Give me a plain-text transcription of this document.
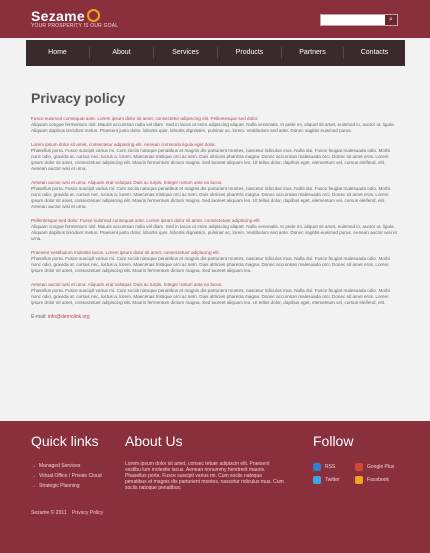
Sezame
YOUR PROSPERITY IS OUR GOAL
⌕
Home	About	Services	Products	Partners	Contacts
Privacy policy
Fusce euismod consequat ante. Lorem ipsum dolor sit amet, consectetur adipiscing elit. Pellentesque sed dolor.
Aliquam congue fermentum nisl. Mauris accumsan nulla vel diam. Sed in lacus ut enim adipiscing aliquet. Nulla venenatis. In pede mi, aliquet sit amet, euismod in, auctor ut, ligula. Aliquam dapibus tincidunt metus. Praesent justo dolor, lobortis quis, lobortis dignissim, pulvinar ac, lorem. Vestibulum sed ante. Donec sagittis euismod purus.
Lorem ipsum dolor sit amet, consectetur adipiscing elit. Aenean commodo ligula eget dolor.
Phasellus porta. Fusce suscipit varius mi. Cum sociis natoque penatibus et magnis dis parturient montes, nascetur ridiculus mus. Nulla dui. Fusce feugiat malesuada odio. Morbi nunc odio, gravida at, cursus nec, luctus a, lorem. Maecenas tristique orci ac sem. Duis ultricies pharetra magna. Donec accumsan malesuada orci. Donec sit amet eros. Lorem ipsum dolor sit amet, consectetuer adipiscing elit. Mauris fermentum dictum magna. Sed laoreet aliquam leo. Ut tellus dolor, dapibus eget, elementum vel, cursus eleifend, elit. Aenean auctor wisi et urna.
Aenean auctor wisi et urna. Aliquam erat volutpat. Duis ac turpis. Integer rutrum ante eu lacus.
Phasellus porta. Fusce suscipit varius mi. Cum sociis natoque penatibus et magnis dis parturient montes, nascetur ridiculus mus. Nulla dui. Fusce feugiat malesuada odio. Morbi nunc odio, gravida at, cursus nec, luctus a, lorem. Maecenas tristique orci ac sem. Duis ultricies pharetra magna. Donec accumsan malesuada orci. Donec sit amet eros. Lorem ipsum dolor sit amet, consectetuer adipiscing elit. Mauris fermentum dictum magna. Sed laoreet aliquam leo. Ut tellus dolor, dapibus eget, elementum vel, cursus eleifend, elit. Aenean auctor wisi et urna.
Pellentesque sed dolor. Fusce euismod consequat ante. Lorem ipsum dolor sit amet, consectetuer adipiscing elit.
Aliquam congue fermentum nisl. Mauris accumsan nulla vel diam. Sed in lacus ut enim adipiscing aliquet. Nulla venenatis. In pede mi, aliquet sit amet, euismod in, auctor ut, ligula. Aliquam dapibus tincidunt metus. Praesent justo dolor, lobortis quis, lobortis dignissim, pulvinar ac, lorem. Vestibulum sed ante. Donec sagittis euismod purus. Aenean auctor wisi et urna.
Praesent vestibulum molestie lacus. Lorem ipsum dolor sit amet, consectetuer adipiscing elit.
Phasellus porta. Fusce suscipit varius mi. Cum sociis natoque penatibus et magnis dis parturient montes, nascetur ridiculus mus. Nulla dui. Fusce feugiat malesuada odio. Morbi nunc odio, gravida at, cursus nec, luctus a, lorem. Maecenas tristique orci ac sem. Duis ultricies pharetra magna. Donec accumsan malesuada orci. Donec sit amet eros. Lorem ipsum dolor sit amet, consectetuer adipiscing elit. Mauris fermentum dictum magna. Sed laoreet aliquam leo.
Aenean auctor wisi et urna. Aliquam erat volutpat. Duis ac turpis. Integer rutrum ante eu lacus.
Phasellus porta. Fusce suscipit varius mi. Cum sociis natoque penatibus et magnis dis parturient montes, nascetur ridiculus mus. Nulla dui. Fusce feugiat malesuada odio. Morbi nunc odio, gravida at, cursus nec, luctus a, lorem. Maecenas tristique orci ac sem. Duis ultricies pharetra magna. Donec accumsan malesuada orci. Donec sit amet eros. Lorem ipsum dolor sit amet, consectetuer adipiscing elit. Mauris fermentum dictum magna. Sed laoreet aliquam leo. Ut tellus dolor, dapibus eget, elementum vel, cursus eleifend, elit.
E-mail: info@demolink.org
Quick links
→ Managed Services
→ Virtual Office / Private Cloud
→ Strategic Planning
About Us
Lorem ipsum dolor sit amet, consec tetuer adipiscin elit. Praesent vestibu lum molestie lacus. Aenean nonummy hendrerit mauris. Phasellus porta. Fusce suscipit varius mi. Cum sociis natoque penatibus et magnis dis parturient montes, nascetur ridiculus mus. Cum sociis natoque penatibus.
Follow
RSS	Google Plus
Twitter	Facebook
Sezame © 2011 Privacy Policy
